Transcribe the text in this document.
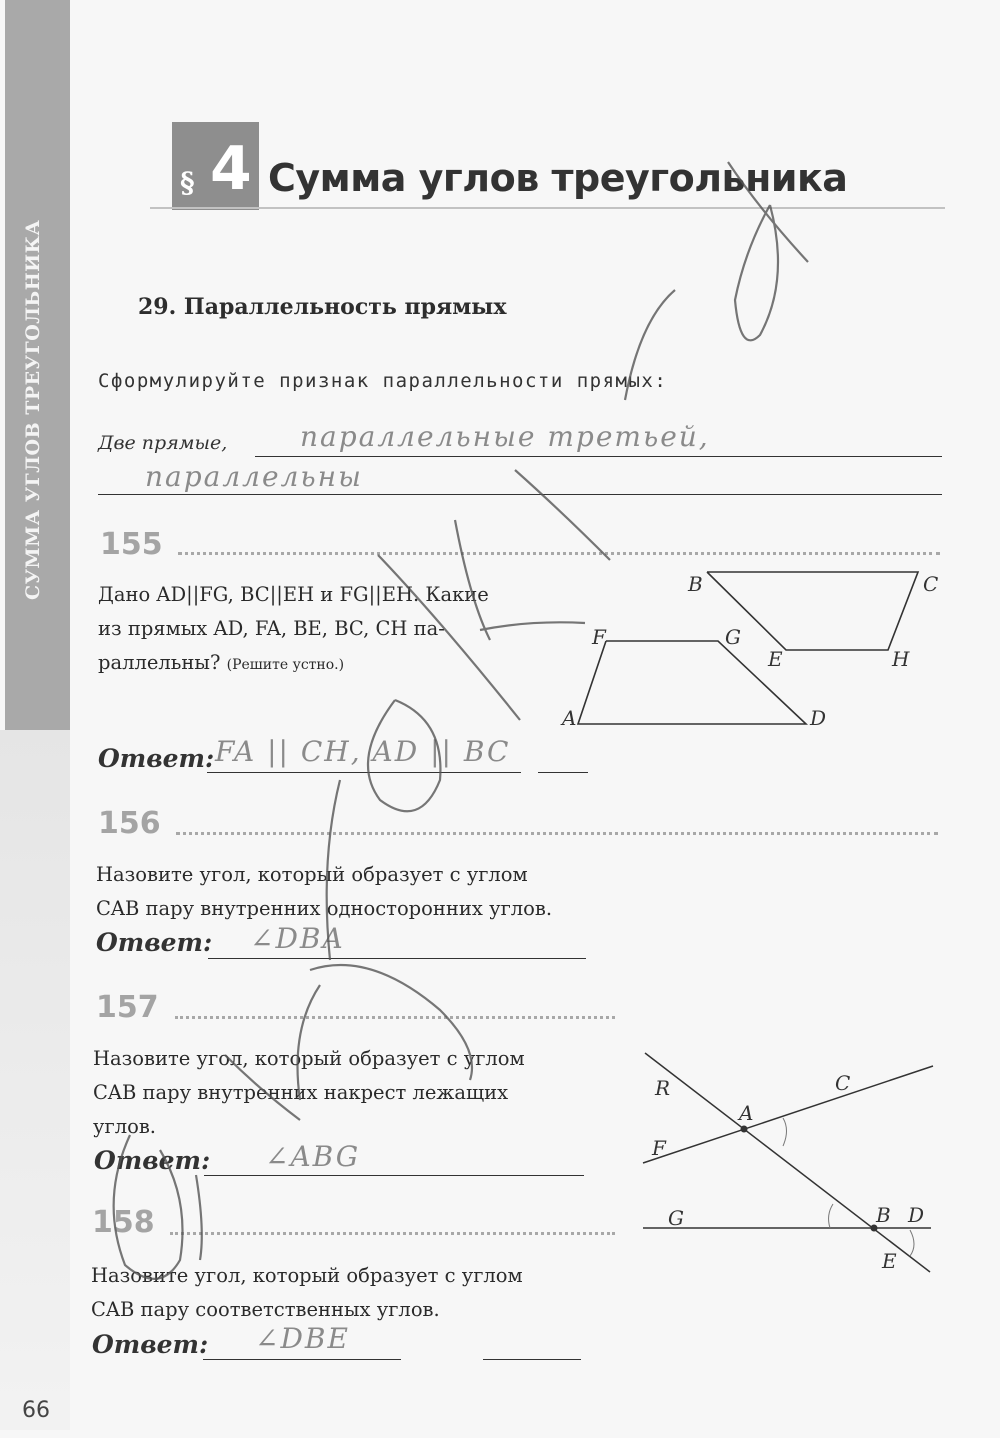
СУММА УГЛОВ ТРЕУГОЛЬНИКА
§ 4 Сумма углов треугольника
29. Параллельность прямых
Сформулируйте признак параллельности прямых:
Две прямые,	параллельные третьей,
параллельны
155
Дано AD||FG, BC||EH и FG||EH. Какие
из прямых AD, FA, BE, BC, CH па-
раллельны? (Решите устно.)
Ответ: FA || CH, AD || BC
156
Назовите угол, который образует с углом
CAB пару внутренних односторонних углов.
Ответ: ∠DBA
157
Назовите угол, который образует с углом
CAB пару внутренних накрест лежащих
углов.
Ответ: ∠ABG
158
Назовите угол, который образует с углом
CAB пару соответственных углов.
Ответ: ∠DBE
B	C
F	G
E	H
A	D
R	C
A
F
G	B D
E
66
